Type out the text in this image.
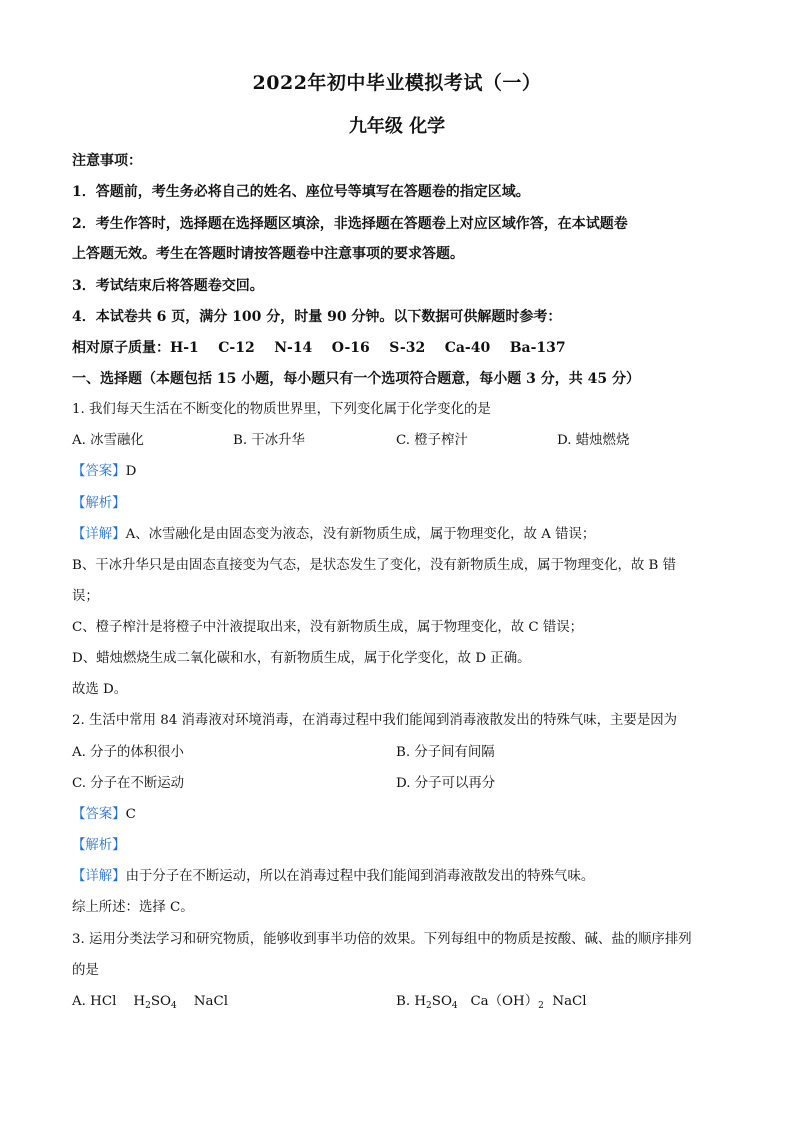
2022年初中毕业模拟考试（一）
九年级 化学
注意事项：
1．答题前，考生务必将自己的姓名、座位号等填写在答题卷的指定区域。
2．考生作答时，选择题在选择题区填涂，非选择题在答题卷上对应区域作答，在本试题卷
上答题无效。考生在答题时请按答题卷中注意事项的要求答题。
3．考试结束后将答题卷交回。
4．本试卷共 6 页，满分 100 分，时量 90 分钟。以下数据可供解题时参考：
相对原子质量：H-1    C-12    N-14    O-16    S-32    Ca-40    Ba-137
一、选择题（本题包括 15 小题，每小题只有一个选项符合题意，每小题 3 分，共 45 分）
1. 我们每天生活在不断变化的物质世界里，下列变化属于化学变化的是
A. 冰雪融化	B. 干冰升华	C. 橙子榨汁	D. 蜡烛燃烧
【答案】D
【解析】
【详解】A、冰雪融化是由固态变为液态，没有新物质生成，属于物理变化，故 A 错误；
B、干冰升华只是由固态直接变为气态，是状态发生了变化，没有新物质生成，属于物理变化，故 B 错
误；
C、橙子榨汁是将橙子中汁液提取出来，没有新物质生成，属于物理变化，故 C 错误；
D、蜡烛燃烧生成二氧化碳和水，有新物质生成，属于化学变化，故 D 正确。
故选 D。
2. 生活中常用 84 消毒液对环境消毒，在消毒过程中我们能闻到消毒液散发出的特殊气味，主要是因为
A. 分子的体积很小	B. 分子间有间隔
C. 分子在不断运动	D. 分子可以再分
【答案】C
【解析】
【详解】由于分子在不断运动，所以在消毒过程中我们能闻到消毒液散发出的特殊气味。
综上所述：选择 C。
3. 运用分类法学习和研究物质，能够收到事半功倍的效果。下列每组中的物质是按酸、碱、盐的顺序排列
的是
A. HCl $H_2SO_4$ NaCl	B. $H_2SO_4$ $Ca(OH)_2$ NaCl
